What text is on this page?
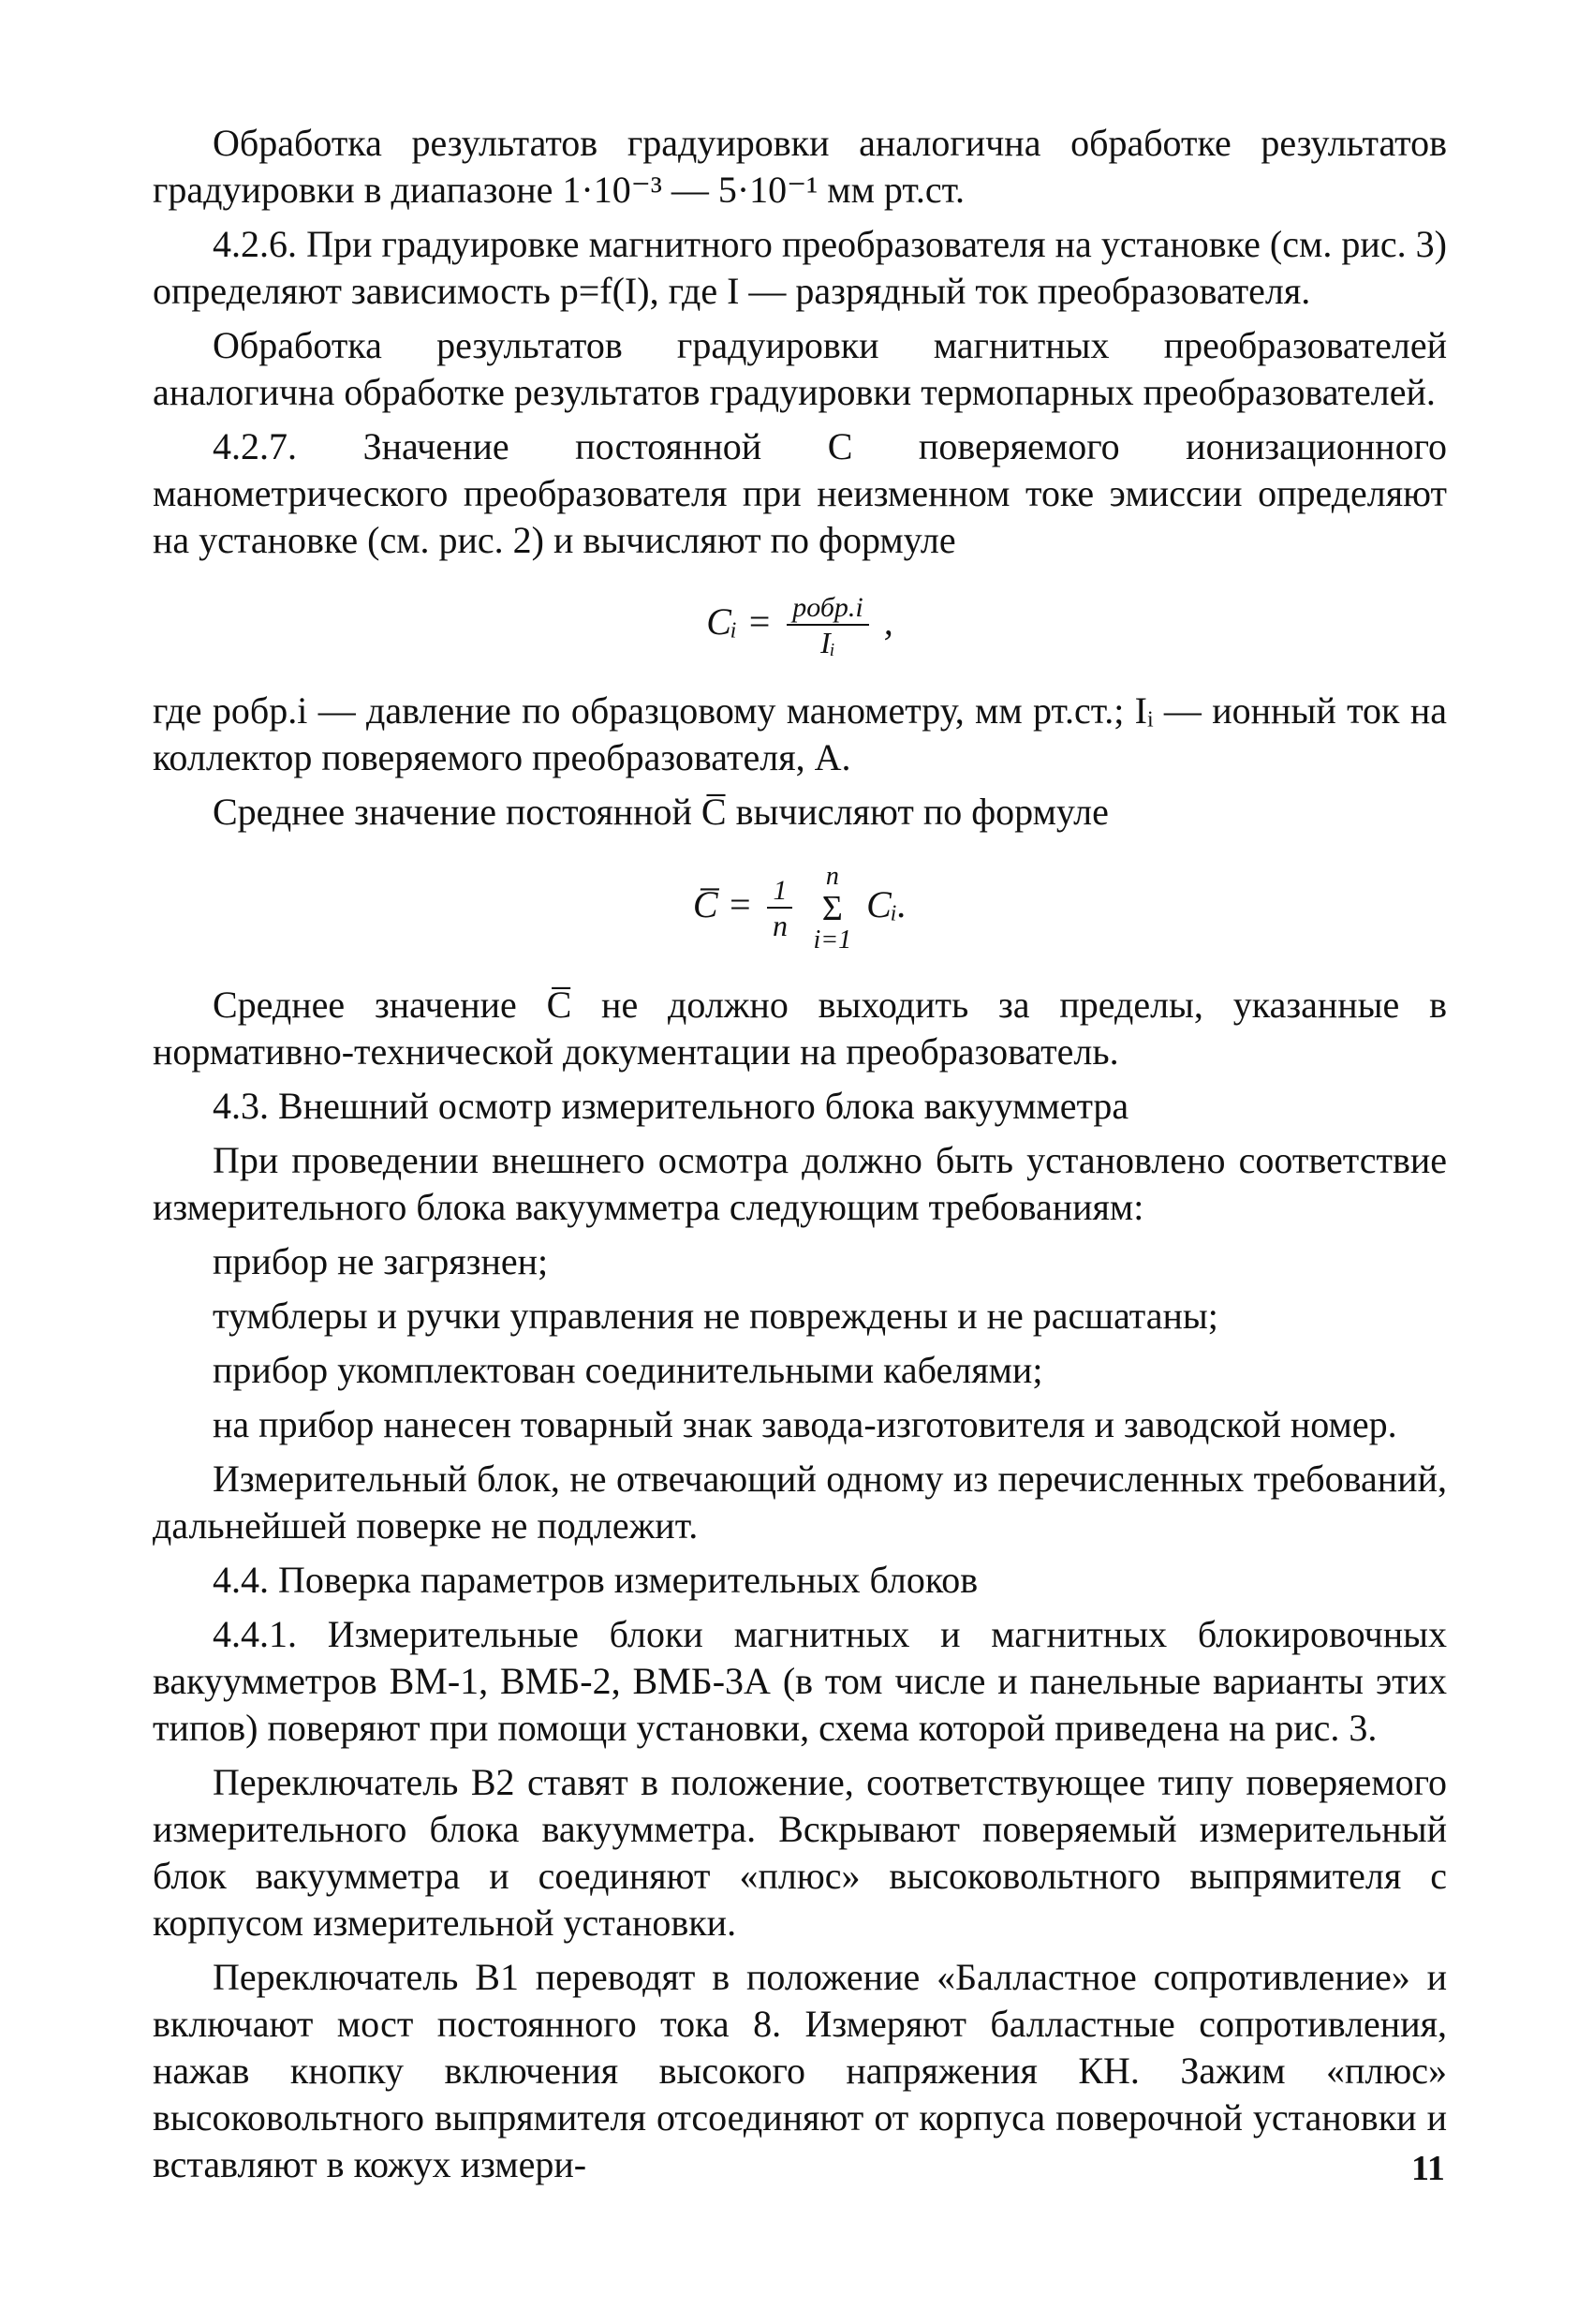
Обработка результатов градуировки аналогична обработке результатов градуировки в диапазоне 1·10⁻³ — 5·10⁻¹ мм рт.ст.

4.2.6. При градуировке магнитного преобразователя на установке (см. рис. 3) определяют зависимость p=f(I), где I — разрядный ток преобразователя.

Обработка результатов градуировки магнитных преобразователей аналогична обработке результатов градуировки термопарных преобразователей.

4.2.7. Значение постоянной C поверяемого ионизационного манометрического преобразователя при неизменном токе эмиссии определяют на установке (см. рис. 2) и вычисляют по формуле

Cᵢ = $\frac{\text{pобр.i}}{\text{Iᵢ}}$ ,

где pобр.i — давление по образцовому манометру, мм рт.ст.; Iᵢ — ионный ток на коллектор поверяемого преобразователя, А.

Среднее значение постоянной C̅ вычисляют по формуле

C̅ = $\frac{1}{n}$ n
Σ
i=1 Cᵢ.

Среднее значение C̅ не должно выходить за пределы, указанные в нормативно-технической документации на преобразователь.

4.3. Внешний осмотр измерительного блока вакуумметра

При проведении внешнего осмотра должно быть установлено соответствие измерительного блока вакуумметра следующим требованиям:

прибор не загрязнен;

тумблеры и ручки управления не повреждены и не расшатаны;

прибор укомплектован соединительными кабелями;

на прибор нанесен товарный знак завода-изготовителя и заводской номер.

Измерительный блок, не отвечающий одному из перечисленных требований, дальнейшей поверке не подлежит.

4.4. Поверка параметров измерительных блоков

4.4.1. Измерительные блоки магнитных и магнитных блокировочных вакуумметров ВМ-1, ВМБ-2, ВМБ-3А (в том числе и панельные варианты этих типов) поверяют при помощи установки, схема которой приведена на рис. 3.

Переключатель В2 ставят в положение, соответствующее типу поверяемого измерительного блока вакуумметра. Вскрывают поверяемый измерительный блок вакуумметра и соединяют «плюс» высоковольтного выпрямителя с корпусом измерительной установки.

Переключатель В1 переводят в положение «Балластное сопротивление» и включают мост постоянного тока 8. Измеряют балластные сопротивления, нажав кнопку включения высокого напряжения КН. Зажим «плюс» высоковольтного выпрямителя отсоединяют от корпуса поверочной установки и вставляют в кожух измери-	11
